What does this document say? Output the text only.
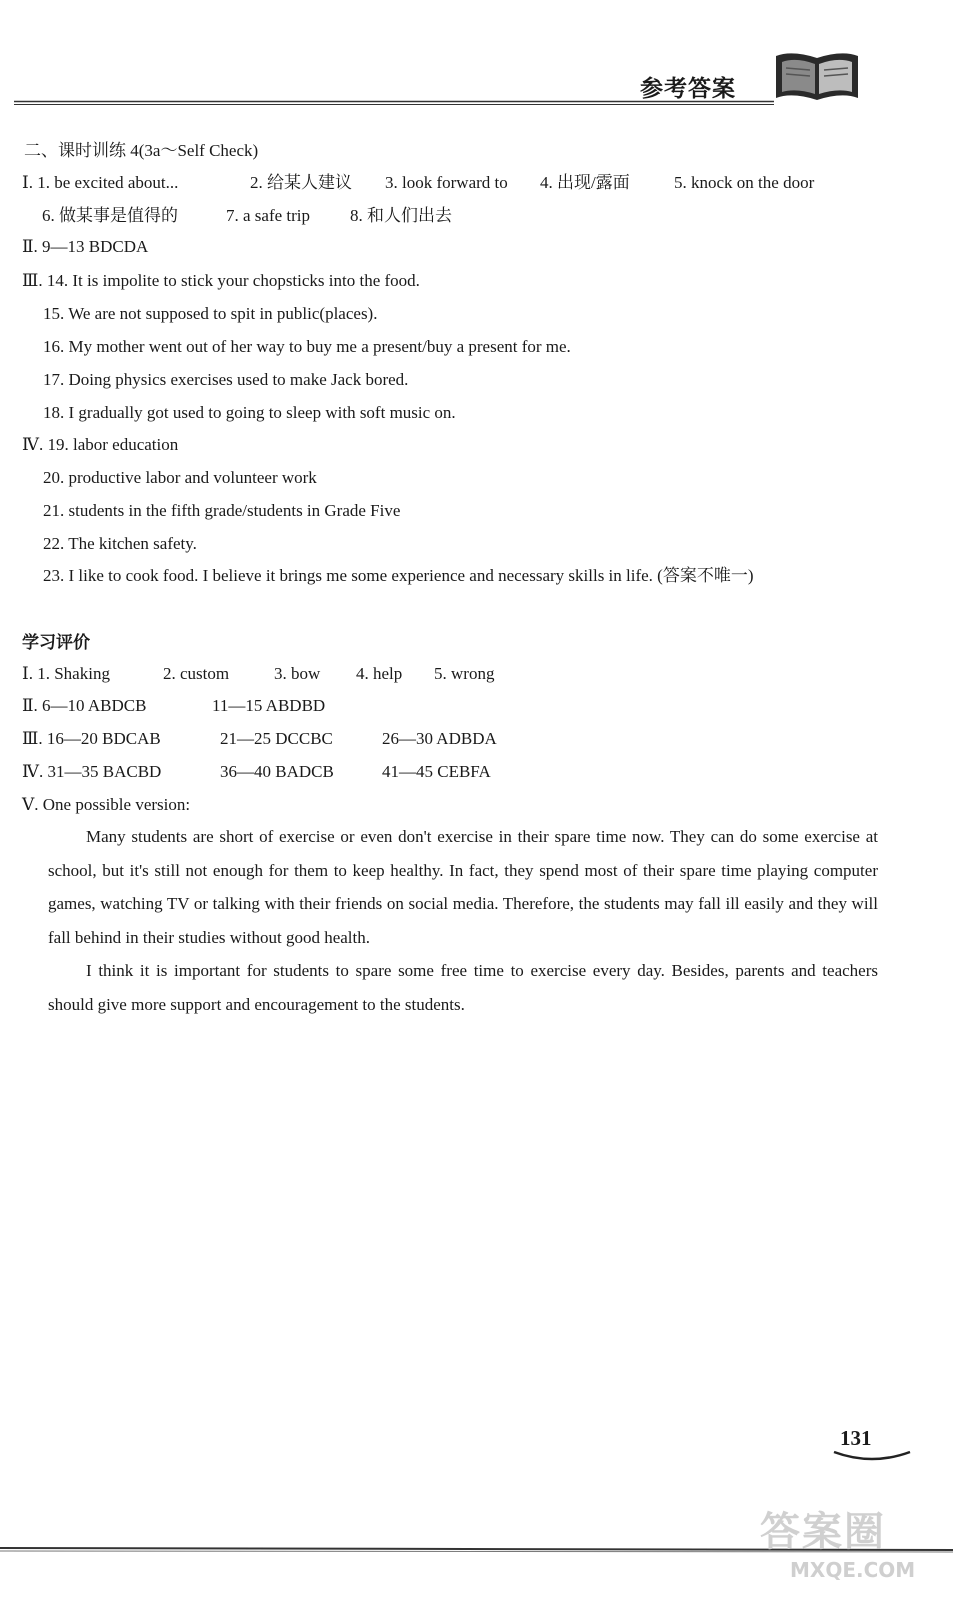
参考答案
二、课时训练 4(3a～Self Check)
Ⅰ. 1. be excited about...	2. 给某人建议 3. look forward to 4. 出现/露面	5. knock on the door
6. 做某事是值得的	7. a safe trip 8. 和人们出去
Ⅱ. 9—13 BDCDA
Ⅲ. 14. It is impolite to stick your chopsticks into the food.
15. We are not supposed to spit in public(places).
16. My mother went out of her way to buy me a present/buy a present for me.
17. Doing physics exercises used to make Jack bored.
18. I gradually got used to going to sleep with soft music on.
Ⅳ. 19. labor education
20. productive labor and volunteer work
21. students in the fifth grade/students in Grade Five
22. The kitchen safety.
23. I like to cook food. I believe it brings me some experience and necessary skills in life. (答案不唯一)
学习评价
Ⅰ. 1. Shaking	2. custom	3. bow 4. help 5. wrong
Ⅱ. 6—10 ABDCB	11—15 ABDBD
Ⅲ. 16—20 BDCAB	21—25 DCCBC	26—30 ADBDA
Ⅳ. 31—35 BACBD	36—40 BADCB	41—45 CEBFA
Ⅴ. One possible version:
Many students are short of exercise or even don't exercise in their spare time now. They can do some exercise at school, but it's still not enough for them to keep healthy. In fact, they spend most of their spare time playing computer games, watching TV or talking with their friends on social media. Therefore, the students may fall ill easily and they will fall behind in their studies without good health.
I think it is important for students to spare some free time to exercise every day. Besides, parents and teachers should give more support and encouragement to the students.
131
答案圈
MXQE.COM
